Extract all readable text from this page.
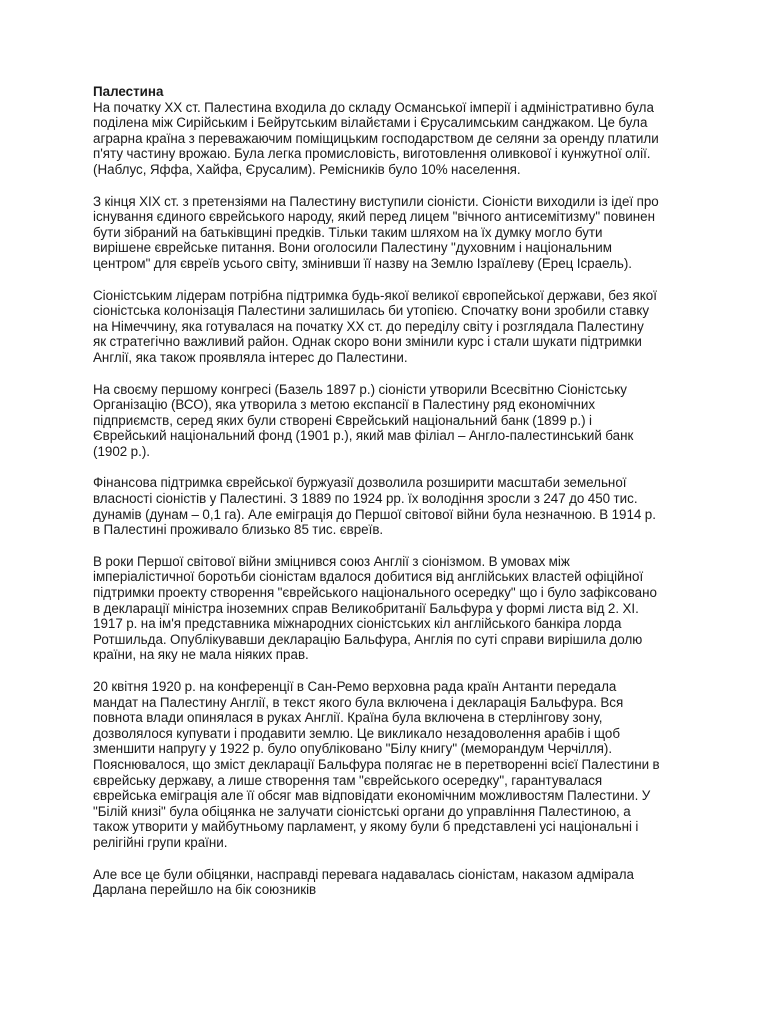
Палестина

На початку ХХ ст. Палестина входила до складу Османської імперії і адміністративно була
поділена між Сирійським і Бейрутським вілайєтами і Єрусалимським санджаком. Це була
аграрна країна з переважаючим поміщицьким господарством де селяни за оренду платили
п'яту частину врожаю. Була легка промисловість, виготовлення оливкової і кунжутної олії.
(Наблус, Яффа, Хайфа, Єрусалим). Ремісників було 10% населення.

З кінця ХІХ ст. з претензіями на Палестину виступили сіоністи. Сіоністи виходили із ідеї про
існування єдиного єврейського народу, який перед лицем "вічного антисемітизму" повинен
бути зібраний на батьківщині предків. Тільки таким шляхом на їх думку могло бути
вирішене єврейське питання. Вони оголосили Палестину "духовним і національним
центром" для євреїв усього світу, змінивши її назву на Землю Ізраїлеву (Ерец Ісраель).

Сіоністським лідерам потрібна підтримка будь-якої великої європейської держави, без якої
сіоністська колонізація Палестини залишилась би утопією. Спочатку вони зробили ставку
на Німеччину, яка готувалася на початку ХХ ст. до переділу світу і розглядала Палестину
як стратегічно важливий район. Однак скоро вони змінили курс і стали шукати підтримки
Англії, яка також проявляла інтерес до Палестини.

На своєму першому конгресі (Базель 1897 р.) сіоністи утворили Всесвітню Сіоністську
Організацію (ВСО), яка утворила з метою експансії в Палестину ряд економічних
підприємств, серед яких були створені Єврейський національний банк (1899 р.) і
Єврейський національний фонд (1901 р.), який мав філіал – Англо-палестинський банк
(1902 р.).

Фінансова підтримка єврейської буржуазії дозволила розширити масштаби земельної
власності сіоністів у Палестині. З 1889 по 1924 рр. їх володіння зросли з 247 до 450 тис.
дунамів (дунам – 0,1 га). Але еміграція до Першої світової війни була незначною. В 1914 р.
в Палестині проживало близько 85 тис. євреїв.

В роки Першої світової війни зміцнився союз Англії з сіонізмом. В умовах між
імперіалістичної боротьби сіоністам вдалося добитися від англійських властей офіційної
підтримки проекту створення "єврейського національного осередку" що і було зафіксовано
в декларації міністра іноземних справ Великобританії Бальфура у формі листа від 2. ХІ.
1917 р. на ім'я представника міжнародних сіоністських кіл англійського банкіра лорда
Ротшильда. Опублікувавши декларацію Бальфура, Англія по суті справи вирішила долю
країни, на яку не мала ніяких прав.

20 квітня 1920 р. на конференції в Сан-Ремо верховна рада країн Антанти передала
мандат на Палестину Англії, в текст якого була включена і декларація Бальфура. Вся
повнота влади опинялася в руках Англії. Країна була включена в стерлінгову зону,
дозволялося купувати і продавити землю. Це викликало незадоволення арабів і щоб
зменшити напругу у 1922 р. було опубліковано "Білу книгу" (меморандум Черчілля).
Пояснювалося, що зміст декларації Бальфура полягає не в перетворенні всієї Палестини в
єврейську державу, а лише створення там "єврейського осередку", гарантувалася
єврейська еміграція але її обсяг мав відповідати економічним можливостям Палестини. У
"Білій книзі" була обіцянка не залучати сіоністські органи до управління Палестиною, а
також утворити у майбутньому парламент, у якому були б представлені усі національні і
релігійні групи країни.

Але все це були обіцянки, насправді перевага надавалась сіоністам, наказом адмірала
Дарлана перейшло на бік союзників
